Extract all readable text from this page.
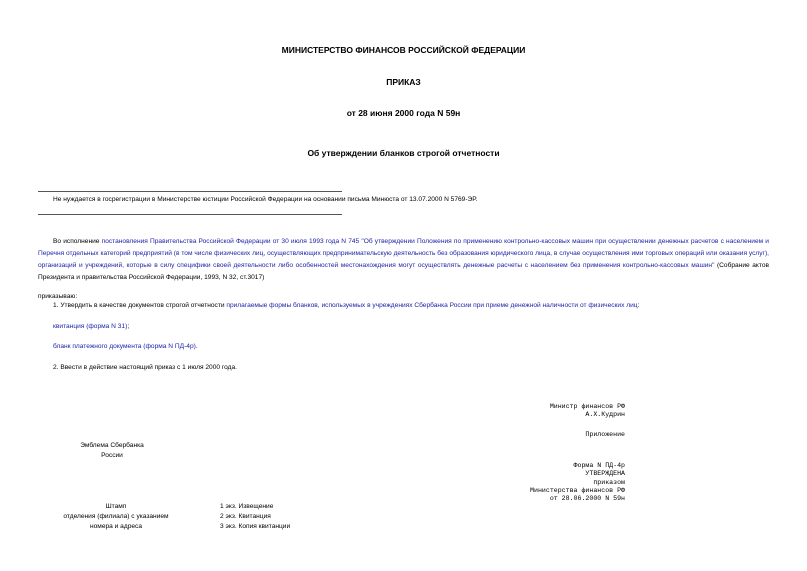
МИНИСТЕРСТВО ФИНАНСОВ РОССИЙСКОЙ ФЕДЕРАЦИИ
ПРИКАЗ
от 28 июня 2000 года N 59н
Об утверждении бланков строгой отчетности
Не нуждается в госрегистрации в Министерстве юстиции Российской Федерации на основании письма Минюста от 13.07.2000 N 5769-ЭР.
Во исполнение постановления Правительства Российской Федерации от 30 июля 1993 года N 745 "Об утверждении Положения по применению контрольно-кассовых машин при осуществлении денежных расчетов с населением и Перечня отдельных категорий предприятий (в том числе физических лиц, осуществляющих предпринимательскую деятельность без образования юридического лица, в случае осуществления ими торговых операций или оказания услуг), организаций и учреждений, которые в силу специфики своей деятельности либо особенностей местонахождения могут осуществлять денежные расчеты с населением без применения контрольно-кассовых машин" (Собрание актов Президента и правительства Российской Федерации, 1993, N 32, ст.3017)
приказываю:
1. Утвердить в качестве документов строгой отчетности прилагаемые формы бланков, используемых в учреждениях Сбербанка России при приеме денежной наличности от физических лиц:
квитанция (форма N 31);
бланк платежного документа (форма N ПД-4р).
2. Ввести в действие настоящий приказ с 1 июля 2000 года.
Министр финансов РФ
А.Х.Кудрин
Приложение
Форма N ПД-4р
УТВЕРЖДЕНА
приказом
Министерства финансов РФ
от 28.06.2000 N 59н
Эмблема Сбербанка
России
Штамп
отделения (филиала) с указанием
номера и адреса
1 экз. Извещение
2 экз. Квитанция
3 экз. Копия квитанции
